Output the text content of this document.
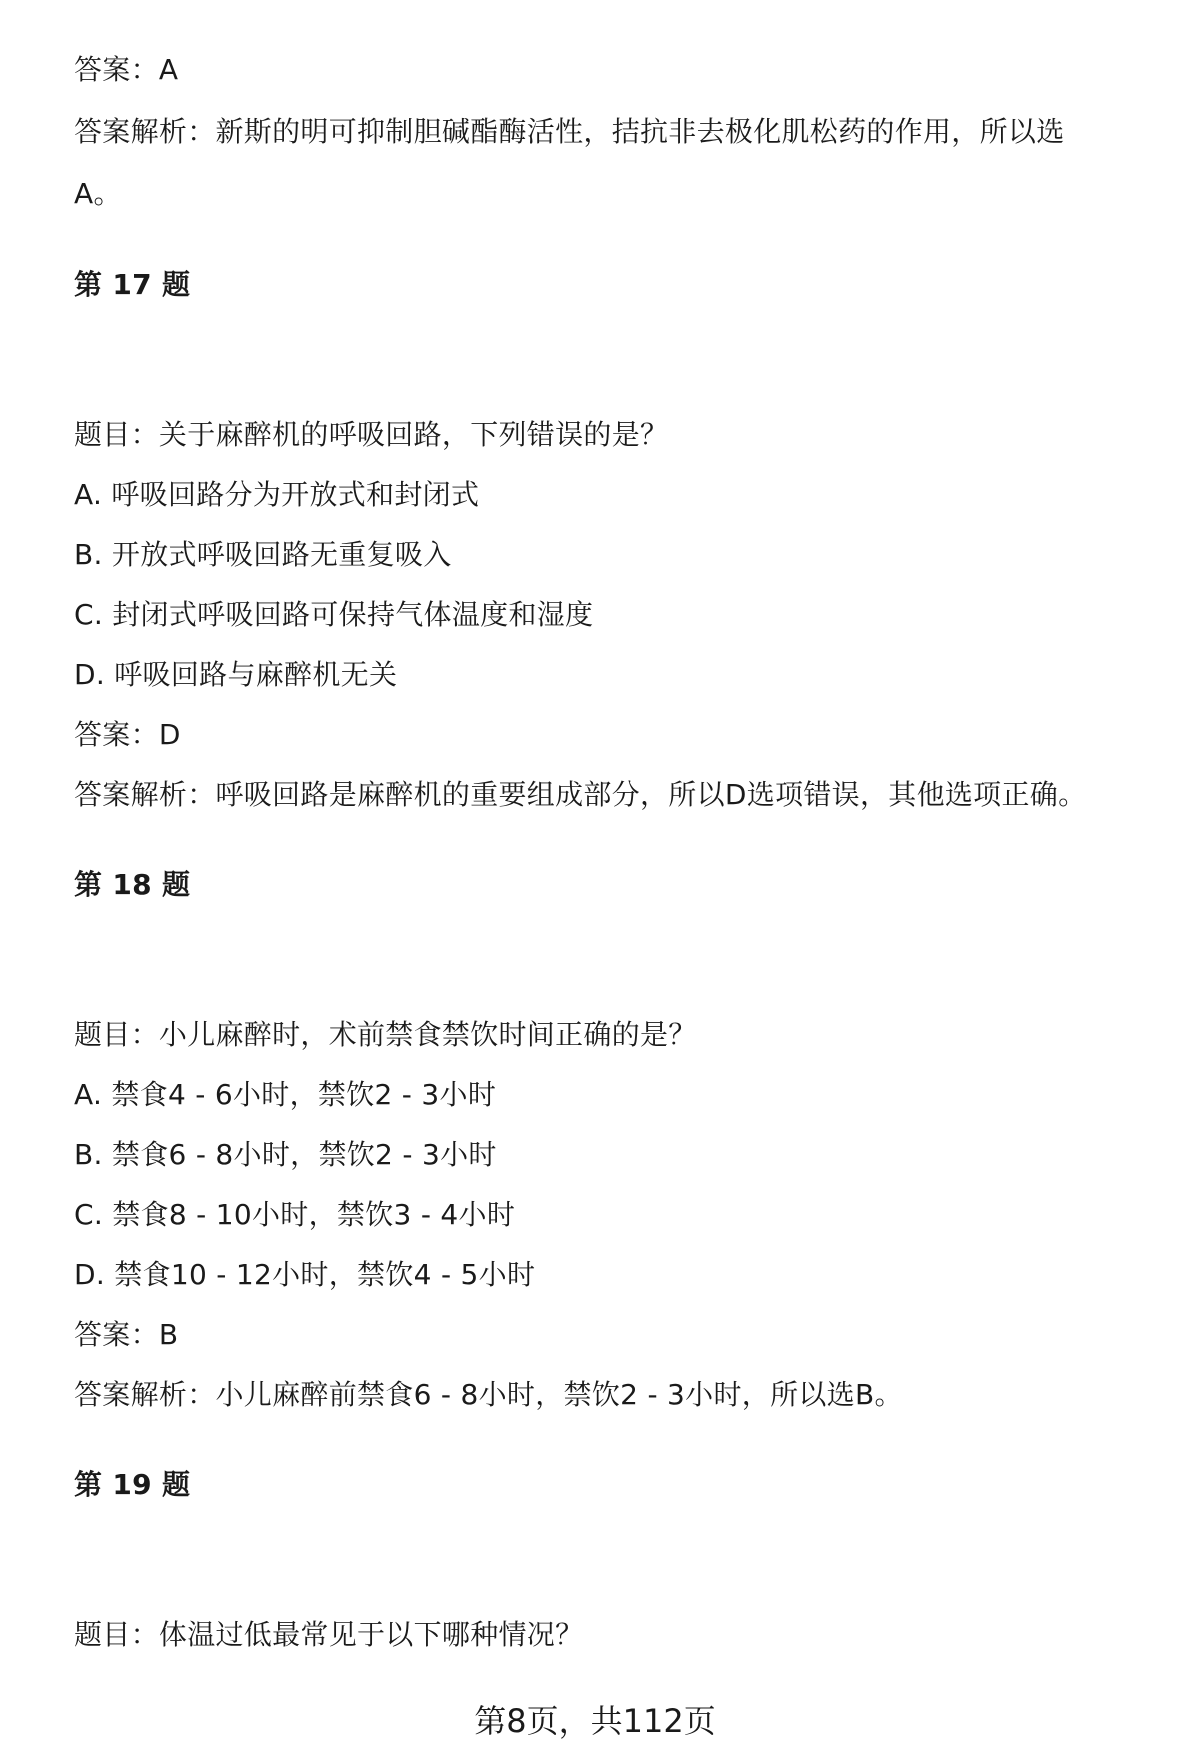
答案：A
答案解析：新斯的明可抑制胆碱酯酶活性，拮抗非去极化肌松药的作用，所以选
A。
第 17 题
题目：关于麻醉机的呼吸回路，下列错误的是？
A. 呼吸回路分为开放式和封闭式
B. 开放式呼吸回路无重复吸入
C. 封闭式呼吸回路可保持气体温度和湿度
D. 呼吸回路与麻醉机无关
答案：D
答案解析：呼吸回路是麻醉机的重要组成部分，所以D选项错误，其他选项正确。
第 18 题
题目：小儿麻醉时，术前禁食禁饮时间正确的是？
A. 禁食4 - 6小时，禁饮2 - 3小时
B. 禁食6 - 8小时，禁饮2 - 3小时
C. 禁食8 - 10小时，禁饮3 - 4小时
D. 禁食10 - 12小时，禁饮4 - 5小时
答案：B
答案解析：小儿麻醉前禁食6 - 8小时，禁饮2 - 3小时，所以选B。
第 19 题
题目：体温过低最常见于以下哪种情况？
第8页，共112页
